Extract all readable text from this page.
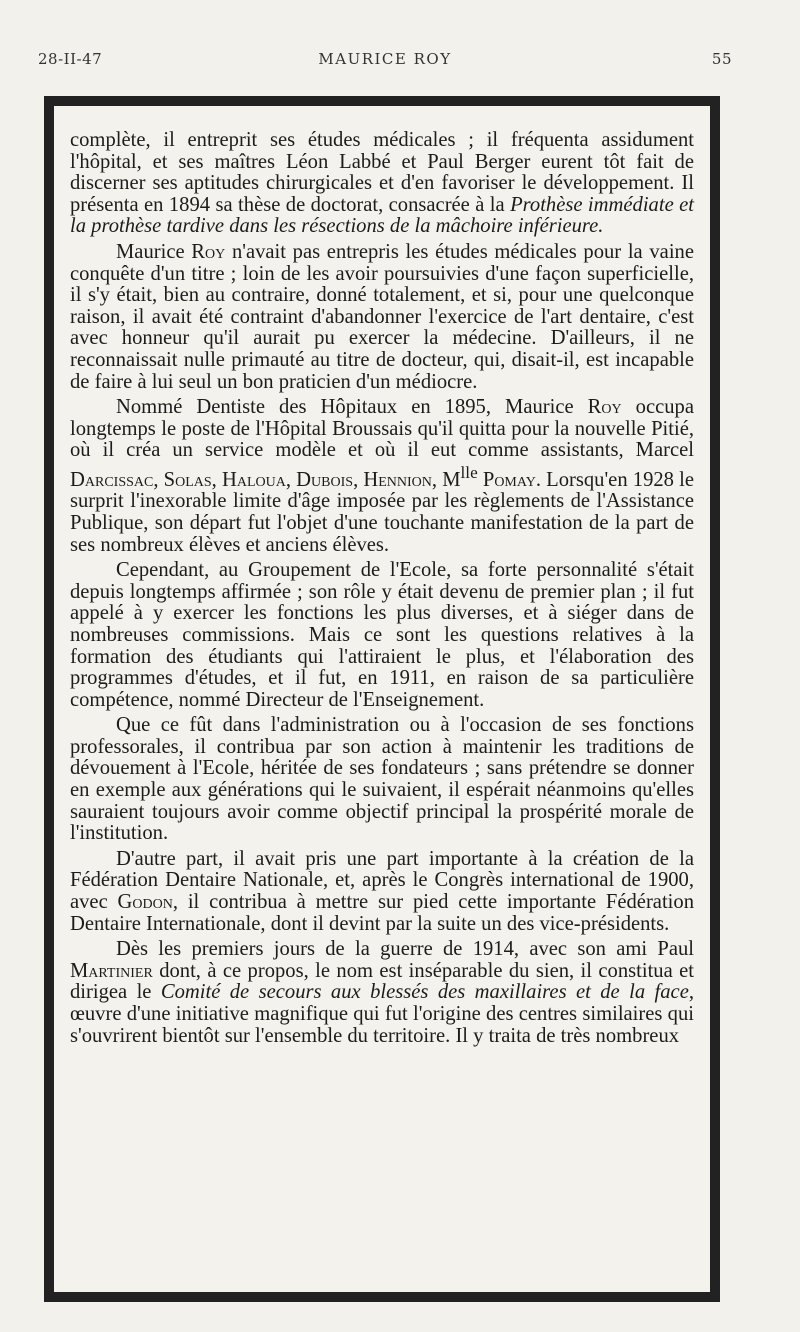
28-II-47	MAURICE ROY	55

complète, il entreprit ses études médicales ; il fréquenta assidument l'hôpital, et ses maîtres Léon Labbé et Paul Berger eurent tôt fait de discerner ses aptitudes chirurgicales et d'en favoriser le développement. Il présenta en 1894 sa thèse de doctorat, consacrée à la Prothèse immédiate et la prothèse tardive dans les résections de la mâchoire inférieure.

Maurice Roy n'avait pas entrepris les études médicales pour la vaine conquête d'un titre ; loin de les avoir poursuivies d'une façon superficielle, il s'y était, bien au contraire, donné totalement, et si, pour une quelconque raison, il avait été contraint d'abandonner l'exercice de l'art dentaire, c'est avec honneur qu'il aurait pu exercer la médecine. D'ailleurs, il ne reconnaissait nulle primauté au titre de docteur, qui, disait-il, est incapable de faire à lui seul un bon praticien d'un médiocre.

Nommé Dentiste des Hôpitaux en 1895, Maurice Roy occupa longtemps le poste de l'Hôpital Broussais qu'il quitta pour la nouvelle Pitié, où il créa un service modèle et où il eut comme assistants, Marcel Darcissac, Solas, Haloua, Dubois, Hennion, $M^{lle}$ Pomay. Lorsqu'en 1928 le surprit l'inexorable limite d'âge imposée par les règlements de l'Assistance Publique, son départ fut l'objet d'une touchante manifestation de la part de ses nombreux élèves et anciens élèves.

Cependant, au Groupement de l'Ecole, sa forte personnalité s'était depuis longtemps affirmée ; son rôle y était devenu de premier plan ; il fut appelé à y exercer les fonctions les plus diverses, et à siéger dans de nombreuses commissions. Mais ce sont les questions relatives à la formation des étudiants qui l'attiraient le plus, et l'élaboration des programmes d'études, et il fut, en 1911, en raison de sa particulière compétence, nommé Directeur de l'Enseignement.

Que ce fût dans l'administration ou à l'occasion de ses fonctions professorales, il contribua par son action à maintenir les traditions de dévouement à l'Ecole, héritée de ses fondateurs ; sans prétendre se donner en exemple aux générations qui le suivaient, il espérait néanmoins qu'elles sauraient toujours avoir comme objectif principal la prospérité morale de l'institution.

D'autre part, il avait pris une part importante à la création de la Fédération Dentaire Nationale, et, après le Congrès international de 1900, avec Godon, il contribua à mettre sur pied cette importante Fédération Dentaire Internationale, dont il devint par la suite un des vice-présidents.

Dès les premiers jours de la guerre de 1914, avec son ami Paul Martinier dont, à ce propos, le nom est inséparable du sien, il constitua et dirigea le Comité de secours aux blessés des maxillaires et de la face, œuvre d'une initiative magnifique qui fut l'origine des centres similaires qui s'ouvrirent bientôt sur l'ensemble du territoire. Il y traita de très nombreux
